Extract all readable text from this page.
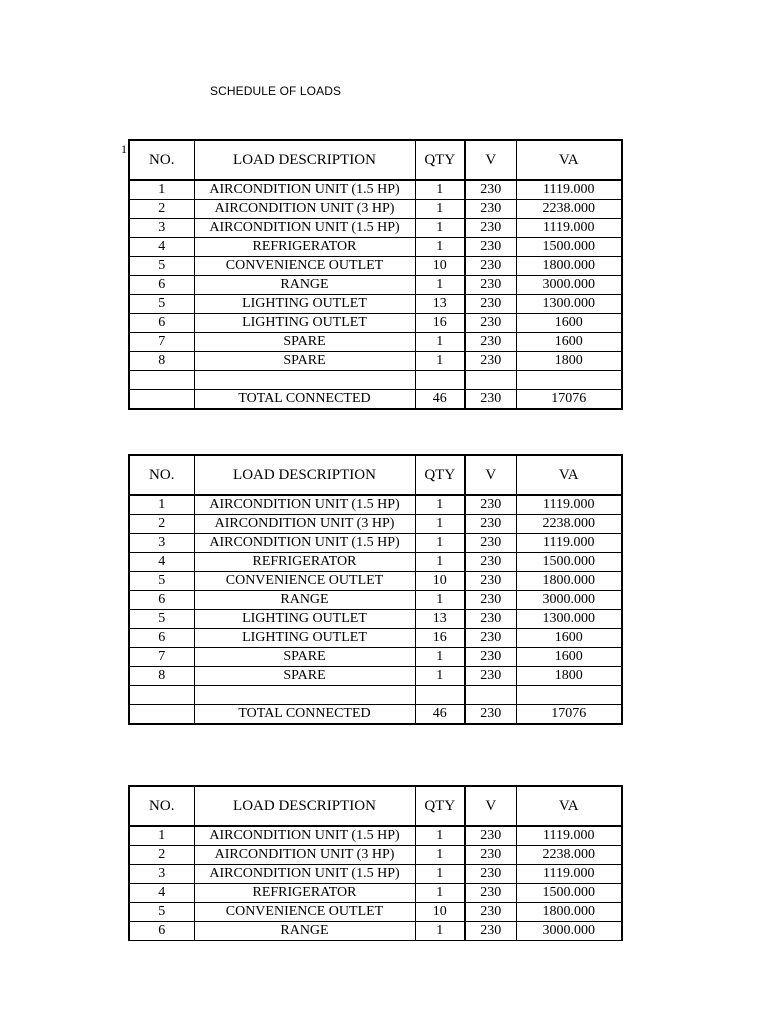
SCHEDULE OF LOADS
1
NO.	LOAD DESCRIPTION	QTY	V	VA
1	AIRCONDITION UNIT (1.5 HP)	1	230	1119.000
2	AIRCONDITION UNIT (3 HP)	1	230	2238.000
3	AIRCONDITION UNIT (1.5 HP)	1	230	1119.000
4	REFRIGERATOR	1	230	1500.000
5	CONVENIENCE OUTLET	10	230	1800.000
6	RANGE	1	230	3000.000
5	LIGHTING OUTLET	13	230	1300.000
6	LIGHTING OUTLET	16	230	1600
7	SPARE	1	230	1600
8	SPARE	1	230	1800

	TOTAL CONNECTED	46	230	17076
NO.	LOAD DESCRIPTION	QTY	V	VA
1	AIRCONDITION UNIT (1.5 HP)	1	230	1119.000
2	AIRCONDITION UNIT (3 HP)	1	230	2238.000
3	AIRCONDITION UNIT (1.5 HP)	1	230	1119.000
4	REFRIGERATOR	1	230	1500.000
5	CONVENIENCE OUTLET	10	230	1800.000
6	RANGE	1	230	3000.000
5	LIGHTING OUTLET	13	230	1300.000
6	LIGHTING OUTLET	16	230	1600
7	SPARE	1	230	1600
8	SPARE	1	230	1800

	TOTAL CONNECTED	46	230	17076
NO.	LOAD DESCRIPTION	QTY	V	VA
1	AIRCONDITION UNIT (1.5 HP)	1	230	1119.000
2	AIRCONDITION UNIT (3 HP)	1	230	2238.000
3	AIRCONDITION UNIT (1.5 HP)	1	230	1119.000
4	REFRIGERATOR	1	230	1500.000
5	CONVENIENCE OUTLET	10	230	1800.000
6	RANGE	1	230	3000.000
